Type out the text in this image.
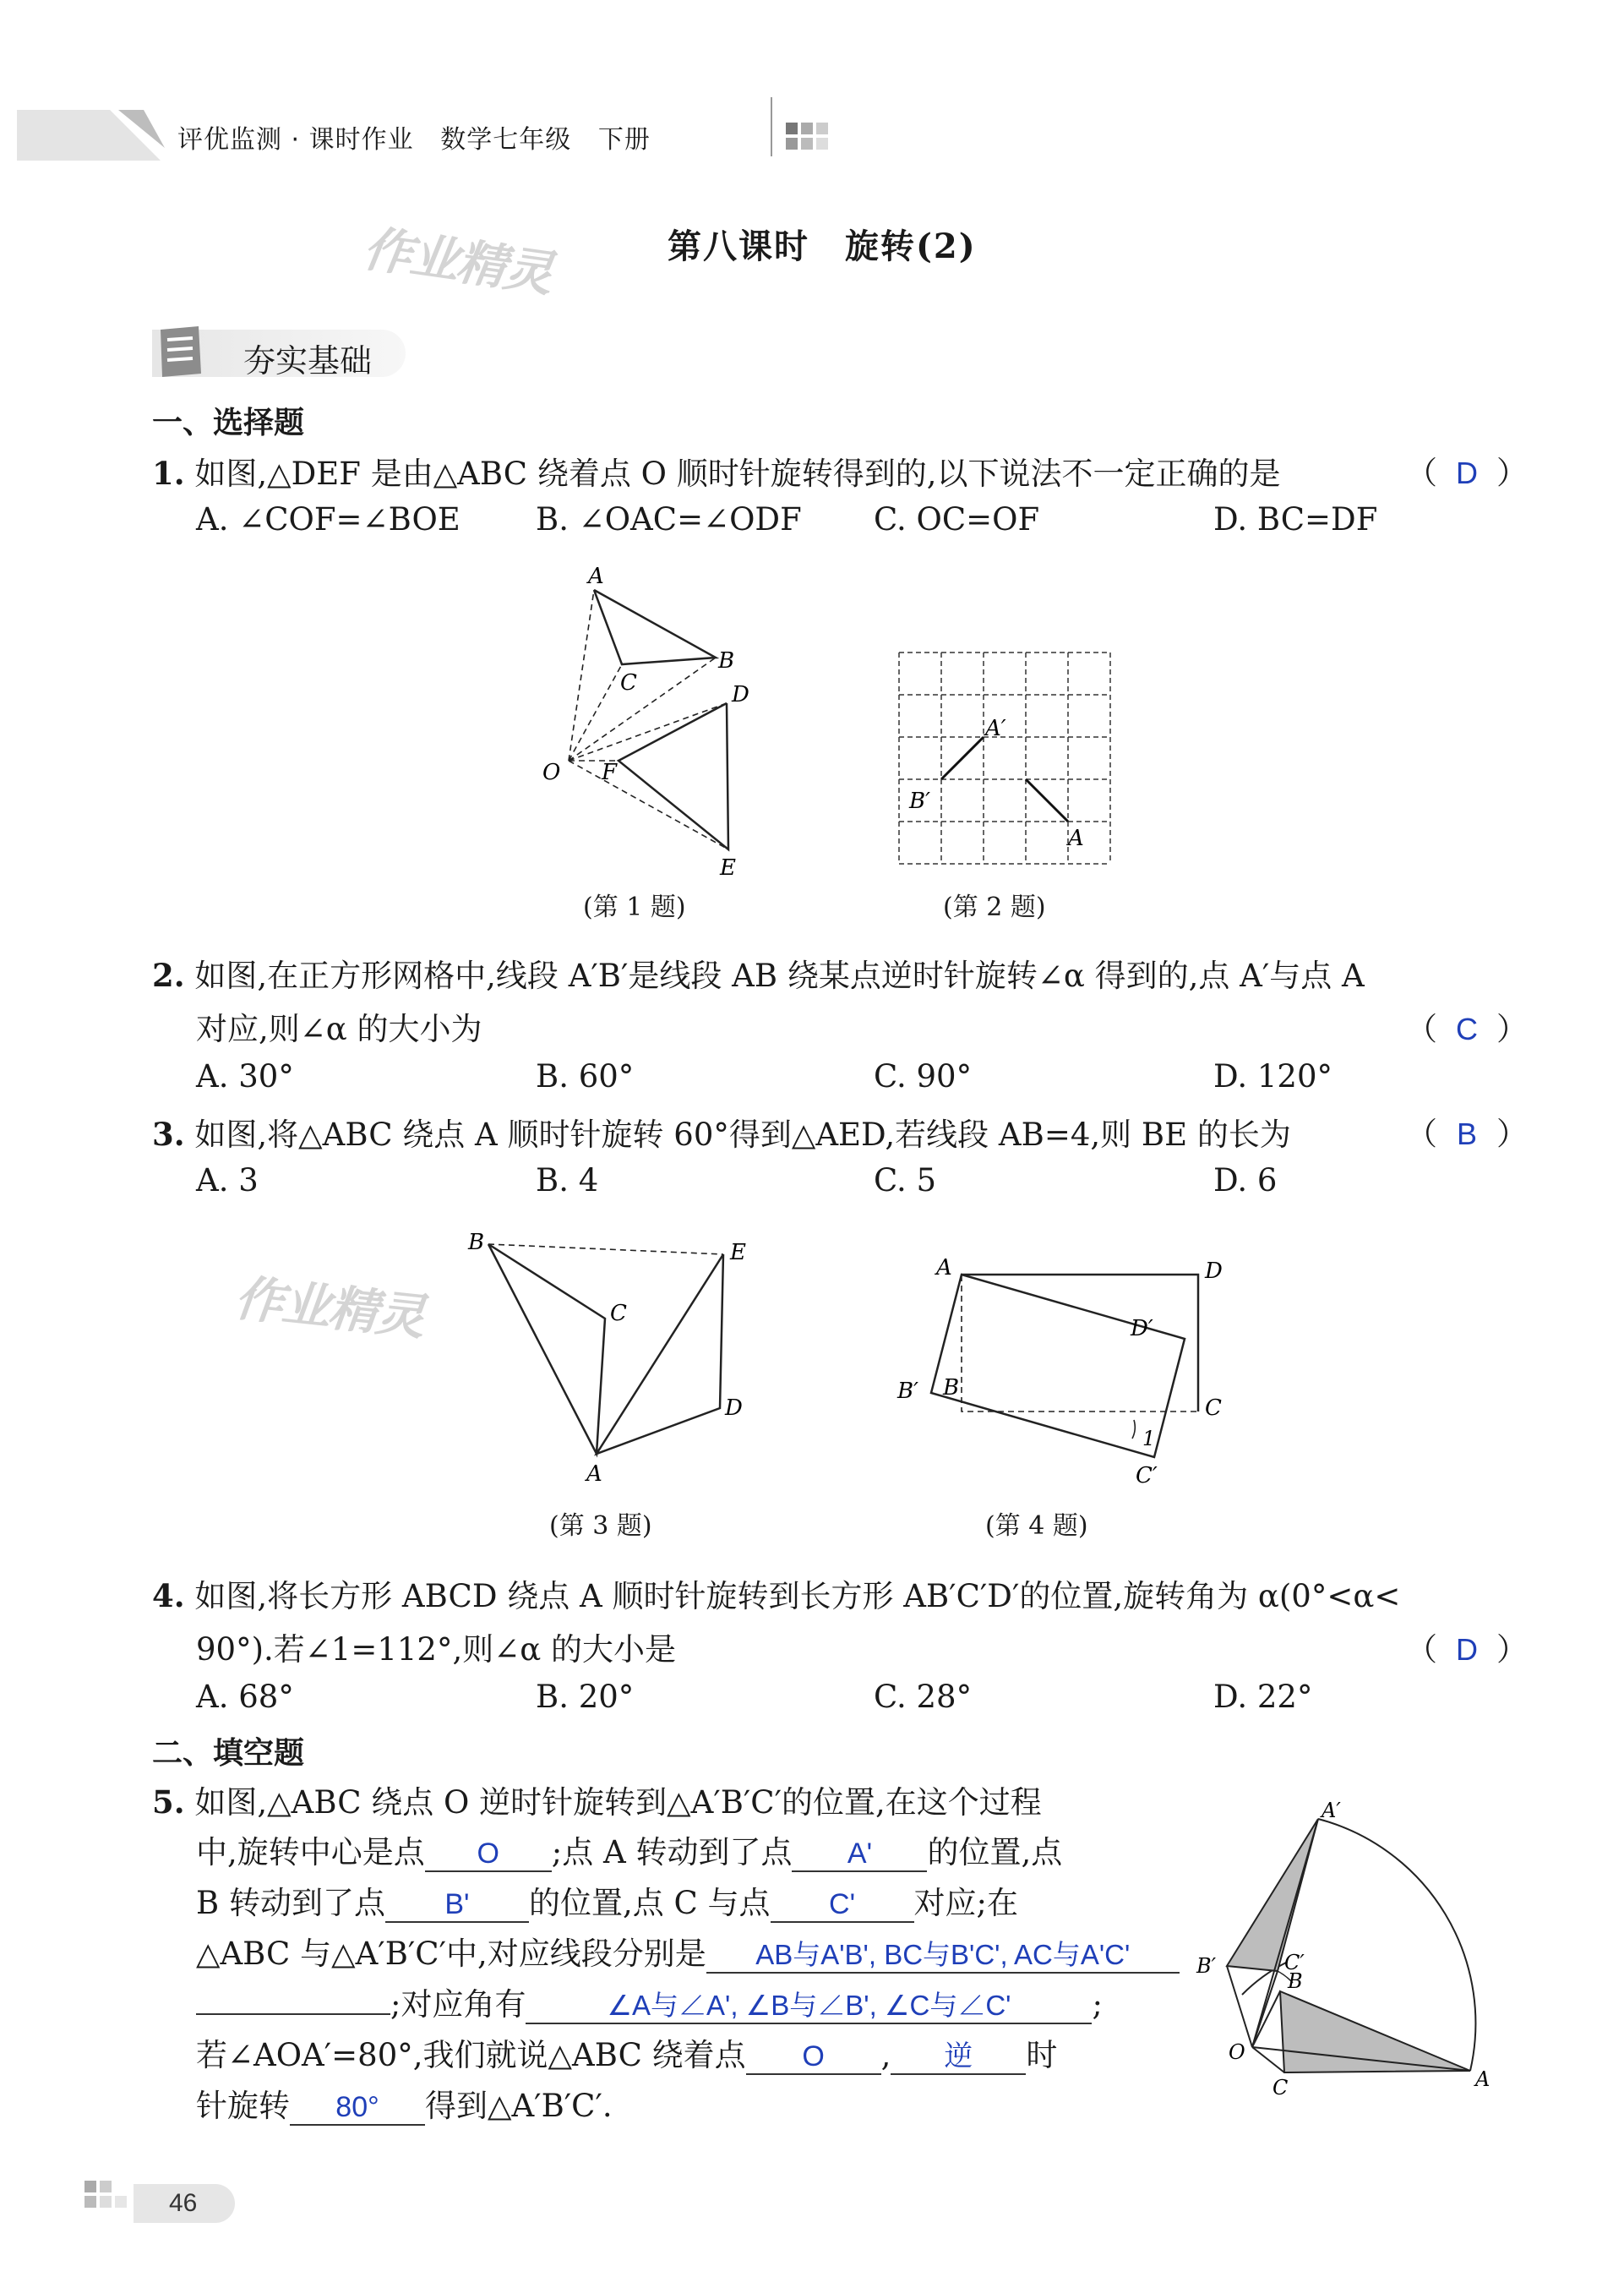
评优监测 · 课时作业   数学七年级   下册
作业精灵	第八课时　旋转(2)
夯实基础
一、选择题
1. 如图,△DEF 是由△ABC 绕着点 O 顺时针旋转得到的,以下说法不一定正确的是	（ D ）
A. ∠COF=∠BOE B. ∠OAC=∠ODF C. OC=OF	D. BC=DF
A
B
C	D
E
F
O
(第 1 题)
A′
B′
A
(第 2 题)
2. 如图,在正方形网格中,线段 A′B′是线段 AB 绕某点逆时针旋转∠α 得到的,点 A′与点 A
对应,则∠α 的大小为	（ C ）
A. 30°	B. 60°	C. 90°	D. 120°
3. 如图,将△ABC 绕点 A 顺时针旋转 60°得到△AED,若线段 AB=4,则 BE 的长为	（ B ）
A. 3	B. 4	C. 5	D. 6
作业精灵
B	E
C
D
A
(第 3 题)
A	D
D′
B′ B
C
1
C′
(第 4 题)
4. 如图,将长方形 ABCD 绕点 A 顺时针旋转到长方形 AB′C′D′的位置,旋转角为 α(0°<α<
90°).若∠1=112°,则∠α 的大小是	（ D ）
A. 68°	B. 20°	C. 28°	D. 22°
二、填空题
5. 如图,△ABC 绕点 O 逆时针旋转到△A′B′C′的位置,在这个过程
中,旋转中心是点 O ;点 A 转动到了点 A' 的位置,点
B 转动到了点 B' 的位置,点 C 与点 C' 对应;在
△ABC 与△A′B′C′中,对应线段分别是 AB与A'B', BC与B'C', AC与A'C'
;对应角有	∠A与∠A', ∠B与∠B', ∠C与∠C'	;
若∠AOA′=80°,我们就说△ABC 绕着点 O , 逆 时
针旋转 80° 得到△A′B′C′.
A′
C′
B′
B
O
C	A
46
